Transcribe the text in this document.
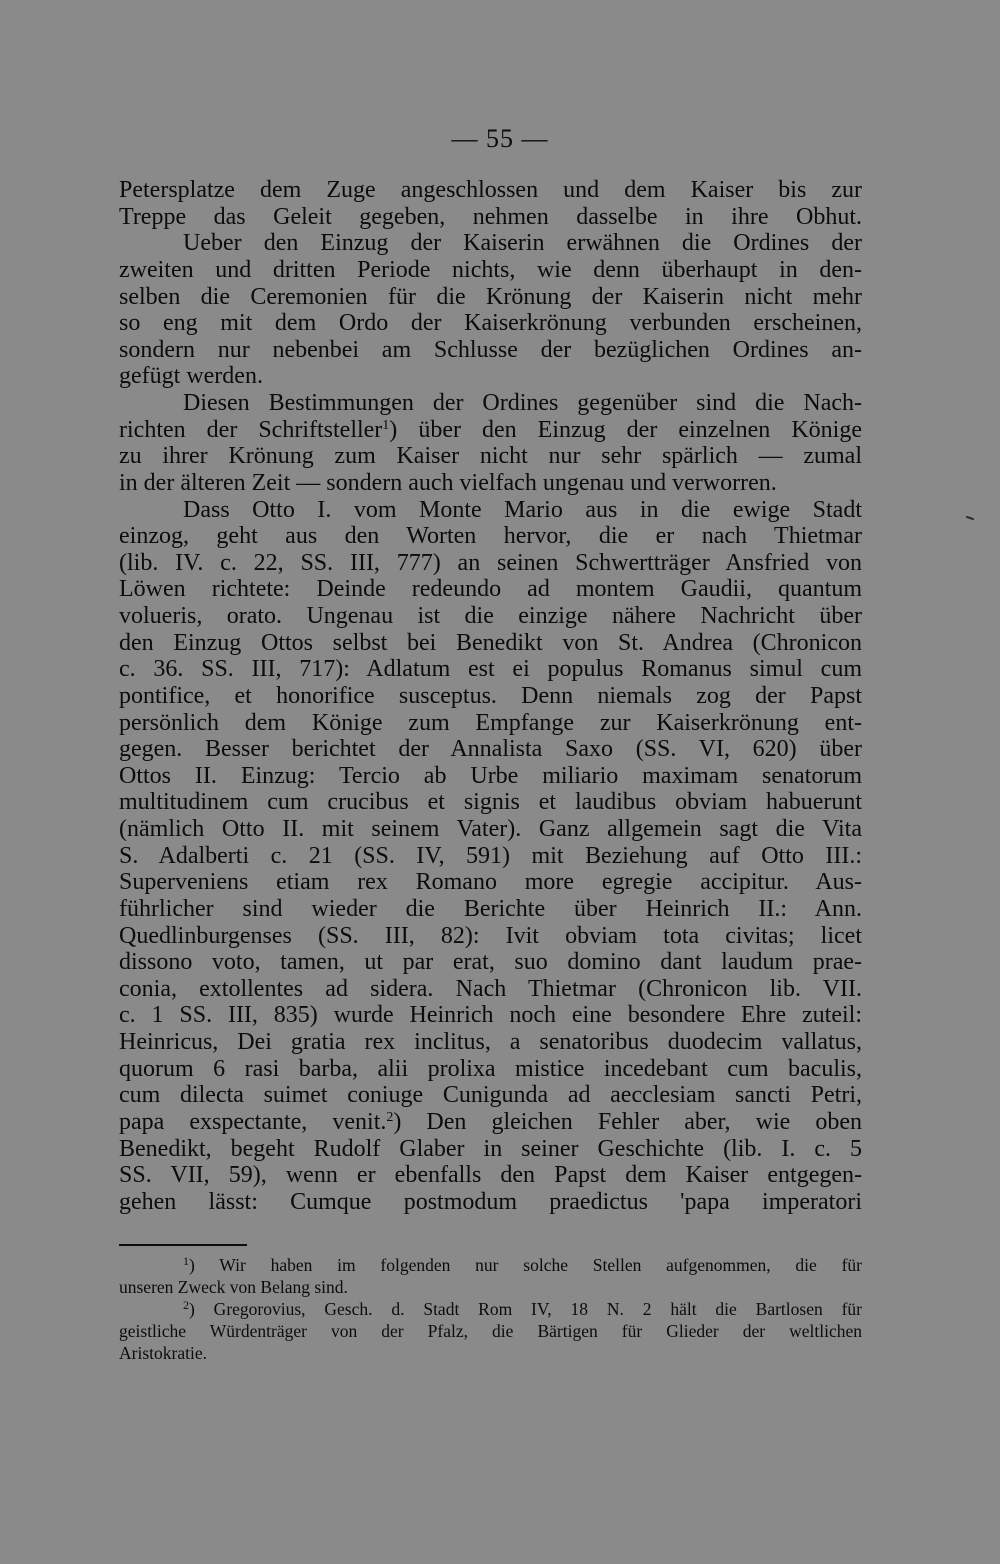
— 55 —
Petersplatze dem Zuge angeschlossen und dem Kaiser bis zur
Treppe das Geleit gegeben, nehmen dasselbe in ihre Obhut.
Ueber den Einzug der Kaiserin erwähnen die Ordines der
zweiten und dritten Periode nichts, wie denn überhaupt in den-
selben die Ceremonien für die Krönung der Kaiserin nicht mehr
so eng mit dem Ordo der Kaiserkrönung verbunden erscheinen,
sondern nur nebenbei am Schlusse der bezüglichen Ordines an-
gefügt werden.
Diesen Bestimmungen der Ordines gegenüber sind die Nach-
richten der Schriftsteller$^1$) über den Einzug der einzelnen Könige
zu ihrer Krönung zum Kaiser nicht nur sehr spärlich — zumal
in der älteren Zeit — sondern auch vielfach ungenau und verworren.
Dass Otto I. vom Monte Mario aus in die ewige Stadt
einzog, geht aus den Worten hervor, die er nach Thietmar
(lib. IV. c. 22, SS. III, 777) an seinen Schwertträger Ansfried von
Löwen richtete: Deinde redeundo ad montem Gaudii, quantum
volueris, orato. Ungenau ist die einzige nähere Nachricht über
den Einzug Ottos selbst bei Benedikt von St. Andrea (Chronicon
c. 36. SS. III, 717): Adlatum est ei populus Romanus simul cum
pontifice, et honorifice susceptus. Denn niemals zog der Papst
persönlich dem Könige zum Empfange zur Kaiserkrönung ent-
gegen. Besser berichtet der Annalista Saxo (SS. VI, 620) über
Ottos II. Einzug: Tercio ab Urbe miliario maximam senatorum
multitudinem cum crucibus et signis et laudibus obviam habuerunt
(nämlich Otto II. mit seinem Vater). Ganz allgemein sagt die Vita
S. Adalberti c. 21 (SS. IV, 591) mit Beziehung auf Otto III.:
Superveniens etiam rex Romano more egregie accipitur. Aus-
führlicher sind wieder die Berichte über Heinrich II.: Ann.
Quedlinburgenses (SS. III, 82): Ivit obviam tota civitas; licet
dissono voto, tamen, ut par erat, suo domino dant laudum prae-
conia, extollentes ad sidera. Nach Thietmar (Chronicon lib. VII.
c. 1 SS. III, 835) wurde Heinrich noch eine besondere Ehre zuteil:
Heinricus, Dei gratia rex inclitus, a senatoribus duodecim vallatus,
quorum 6 rasi barba, alii prolixa mistice incedebant cum baculis,
cum dilecta suimet coniuge Cunigunda ad aecclesiam sancti Petri,
papa exspectante, venit.$^2$) Den gleichen Fehler aber, wie oben
Benedikt, begeht Rudolf Glaber in seiner Geschichte (lib. I. c. 5
SS. VII, 59), wenn er ebenfalls den Papst dem Kaiser entgegen-
gehen lässt: Cumque postmodum praedictus 'papa imperatori
$^1$) Wir haben im folgenden nur solche Stellen aufgenommen, die für
unseren Zweck von Belang sind.
$^2$) Gregorovius, Gesch. d. Stadt Rom IV, 18 N. 2 hält die Bartlosen für
geistliche Würdenträger von der Pfalz, die Bärtigen für Glieder der weltlichen
Aristokratie.
